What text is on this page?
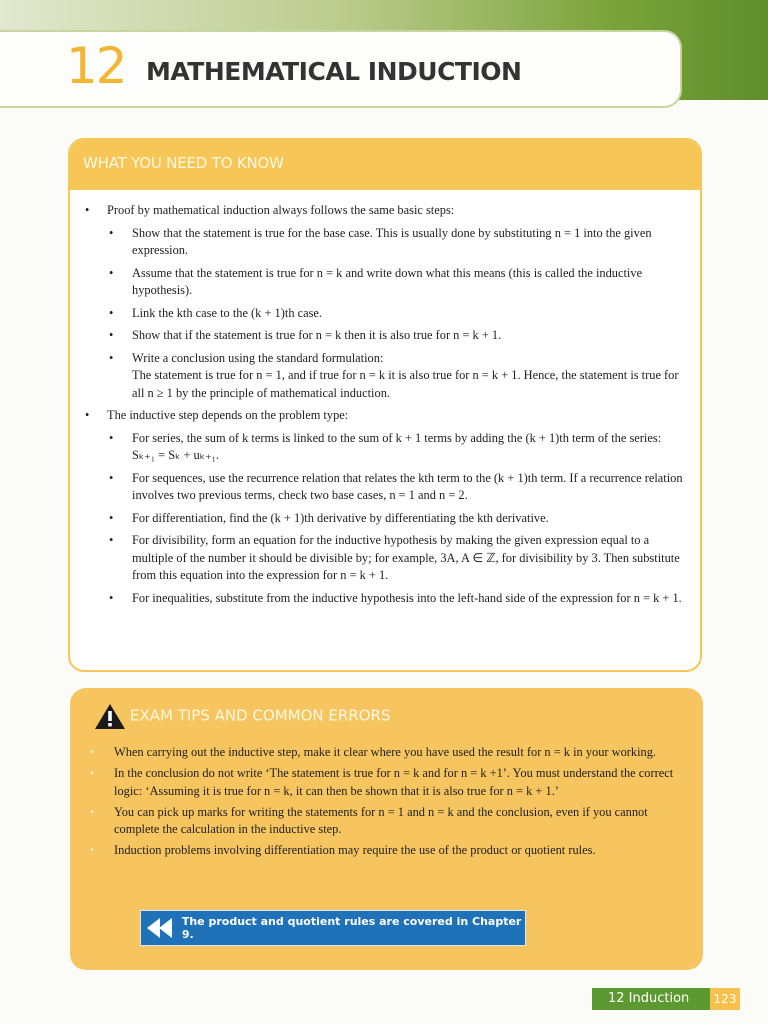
12 MATHEMATICAL INDUCTION
WHAT YOU NEED TO KNOW
• Proof by mathematical induction always follows the same basic steps:
• Show that the statement is true for the base case. This is usually done by substituting n = 1 into the given expression.
• Assume that the statement is true for n = k and write down what this means (this is called the inductive hypothesis).
• Link the kth case to the (k + 1)th case.
• Show that if the statement is true for n = k then it is also true for n = k + 1.
• Write a conclusion using the standard formulation:
The statement is true for n = 1, and if true for n = k it is also true for n = k + 1. Hence, the statement is true for all n ≥ 1 by the principle of mathematical induction.
• The inductive step depends on the problem type:
• For series, the sum of k terms is linked to the sum of k + 1 terms by adding the (k + 1)th term of the series: Sₖ₊₁ = Sₖ + uₖ₊₁.
• For sequences, use the recurrence relation that relates the kth term to the (k + 1)th term. If a recurrence relation involves two previous terms, check two base cases, n = 1 and n = 2.
• For differentiation, find the (k + 1)th derivative by differentiating the kth derivative.
• For divisibility, form an equation for the inductive hypothesis by making the given expression equal to a multiple of the number it should be divisible by; for example, 3A, A ∈ ℤ, for divisibility by 3. Then substitute from this equation into the expression for n = k + 1.
• For inequalities, substitute from the inductive hypothesis into the left-hand side of the expression for n = k + 1.
EXAM TIPS AND COMMON ERRORS
• When carrying out the inductive step, make it clear where you have used the result for n = k in your working.
• In the conclusion do not write ‘The statement is true for n = k and for n = k +1’. You must understand the correct logic: ‘Assuming it is true for n = k, it can then be shown that it is also true for n = k + 1.’
• You can pick up marks for writing the statements for n = 1 and n = k and the conclusion, even if you cannot complete the calculation in the inductive step.
• Induction problems involving differentiation may require the use of the product or quotient rules.
The product and quotient rules are covered in Chapter 9.
12 Induction	123
